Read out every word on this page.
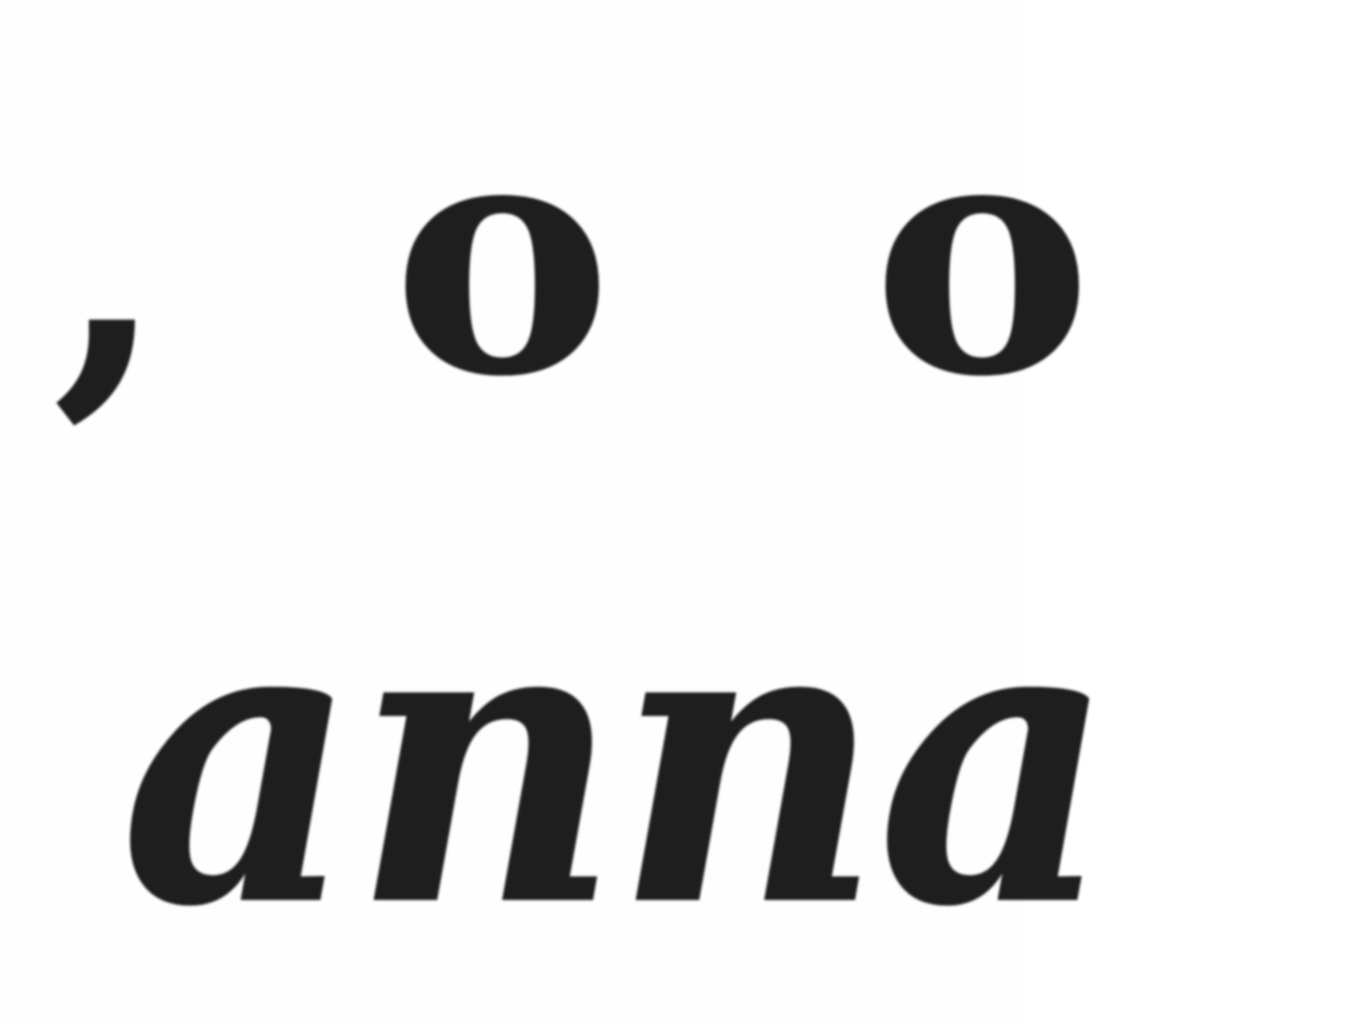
, o o
anna
